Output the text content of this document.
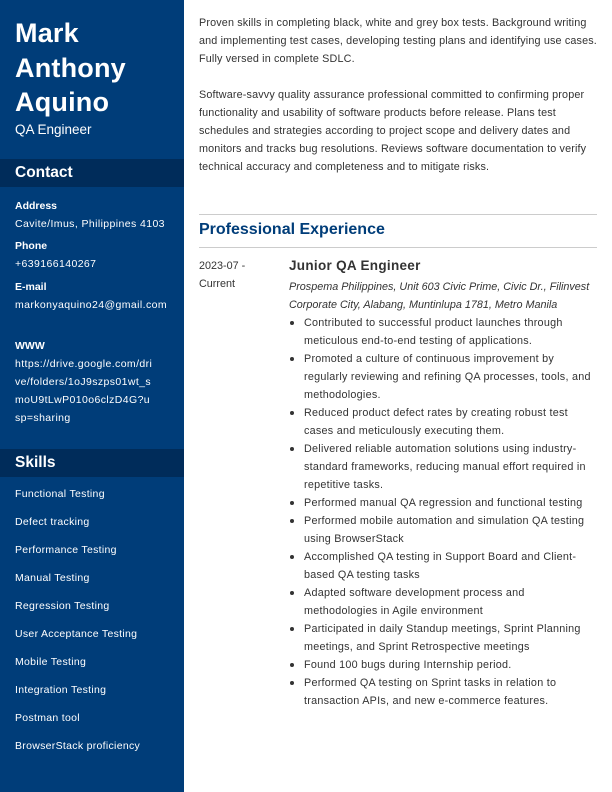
Mark
Anthony
Aquino
QA Engineer
Contact
Address
Cavite/Imus, Philippines 4103
Phone
+639166140267
E-mail
markonyaquino24@gmail.com
WWW
https://drive.google.com/drive/folders/1oJ9szps01wt_smoU9tLwP010o6clzD4G?usp=sharing
Skills
Functional Testing
Defect tracking
Performance Testing
Manual Testing
Regression Testing
User Acceptance Testing
Mobile Testing
Integration Testing
Postman tool
BrowserStack proficiency

Proven skills in completing black, white and grey box tests. Background writing and implementing test cases, developing testing plans and identifying use cases. Fully versed in complete SDLC.

Software-savvy quality assurance professional committed to confirming proper functionality and usability of software products before release. Plans test schedules and strategies according to project scope and delivery dates and monitors and tracks bug resolutions. Reviews software documentation to verify technical accuracy and completeness and to mitigate risks.

Professional Experience
2023-07 -
Current
Junior QA Engineer
Prospema Philippines, Unit 603 Civic Prime, Civic Dr., Filinvest Corporate City, Alabang, Muntinlupa 1781, Metro Manila
Contributed to successful product launches through meticulous end-to-end testing of applications.
Promoted a culture of continuous improvement by regularly reviewing and refining QA processes, tools, and methodologies.
Reduced product defect rates by creating robust test cases and meticulously executing them.
Delivered reliable automation solutions using industry-standard frameworks, reducing manual effort required in repetitive tasks.
Performed manual QA regression and functional testing
Performed mobile automation and simulation QA testing using BrowserStack
Accomplished QA testing in Support Board and Client-based QA testing tasks
Adapted software development process and methodologies in Agile environment
Participated in daily Standup meetings, Sprint Planning meetings, and Sprint Retrospective meetings
Found 100 bugs during Internship period.
Performed QA testing on Sprint tasks in relation to transaction APIs, and new e-commerce features.
